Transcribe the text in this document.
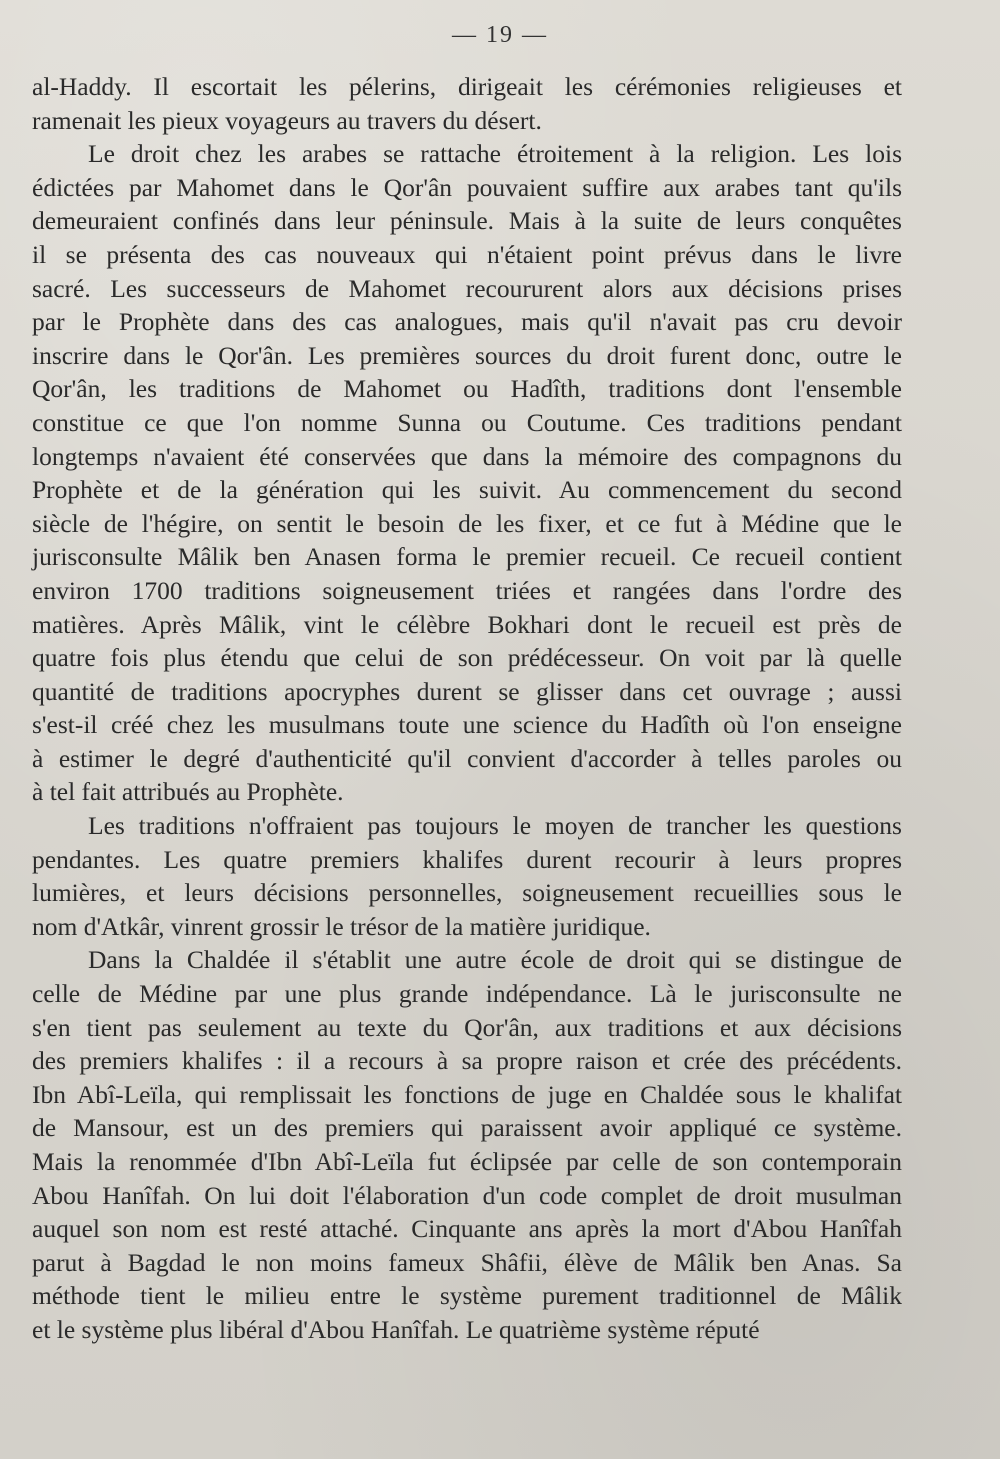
— 19 —
al-Haddy. Il escortait les pélerins, dirigeait les cérémonies religieuses et
ramenait les pieux voyageurs au travers du désert.
Le droit chez les arabes se rattache étroitement à la religion. Les lois
édictées par Mahomet dans le Qor'ân pouvaient suffire aux arabes tant qu'ils
demeuraient confinés dans leur péninsule. Mais à la suite de leurs conquêtes
il se présenta des cas nouveaux qui n'étaient point prévus dans le livre
sacré. Les successeurs de Mahomet recoururent alors aux décisions prises
par le Prophète dans des cas analogues, mais qu'il n'avait pas cru devoir
inscrire dans le Qor'ân. Les premières sources du droit furent donc, outre le
Qor'ân, les traditions de Mahomet ou Hadîth, traditions dont l'ensemble
constitue ce que l'on nomme Sunna ou Coutume. Ces traditions pendant
longtemps n'avaient été conservées que dans la mémoire des compagnons du
Prophète et de la génération qui les suivit. Au commencement du second
siècle de l'hégire, on sentit le besoin de les fixer, et ce fut à Médine que le
jurisconsulte Mâlik ben Anasen forma le premier recueil. Ce recueil contient
environ 1700 traditions soigneusement triées et rangées dans l'ordre des
matières. Après Mâlik, vint le célèbre Bokhari dont le recueil est près de
quatre fois plus étendu que celui de son prédécesseur. On voit par là quelle
quantité de traditions apocryphes durent se glisser dans cet ouvrage ; aussi
s'est-il créé chez les musulmans toute une science du Hadîth où l'on enseigne
à estimer le degré d'authenticité qu'il convient d'accorder à telles paroles ou
à tel fait attribués au Prophète.
Les traditions n'offraient pas toujours le moyen de trancher les questions
pendantes. Les quatre premiers khalifes durent recourir à leurs propres
lumières, et leurs décisions personnelles, soigneusement recueillies sous le
nom d'Atkâr, vinrent grossir le trésor de la matière juridique.
Dans la Chaldée il s'établit une autre école de droit qui se distingue de
celle de Médine par une plus grande indépendance. Là le jurisconsulte ne
s'en tient pas seulement au texte du Qor'ân, aux traditions et aux décisions
des premiers khalifes : il a recours à sa propre raison et crée des précédents.
Ibn Abî-Leïla, qui remplissait les fonctions de juge en Chaldée sous le khalifat
de Mansour, est un des premiers qui paraissent avoir appliqué ce système.
Mais la renommée d'Ibn Abî-Leïla fut éclipsée par celle de son contemporain
Abou Hanîfah. On lui doit l'élaboration d'un code complet de droit musulman
auquel son nom est resté attaché. Cinquante ans après la mort d'Abou Hanîfah
parut à Bagdad le non moins fameux Shâfii, élève de Mâlik ben Anas. Sa
méthode tient le milieu entre le système purement traditionnel de Mâlik
et le système plus libéral d'Abou Hanîfah. Le quatrième système réputé
